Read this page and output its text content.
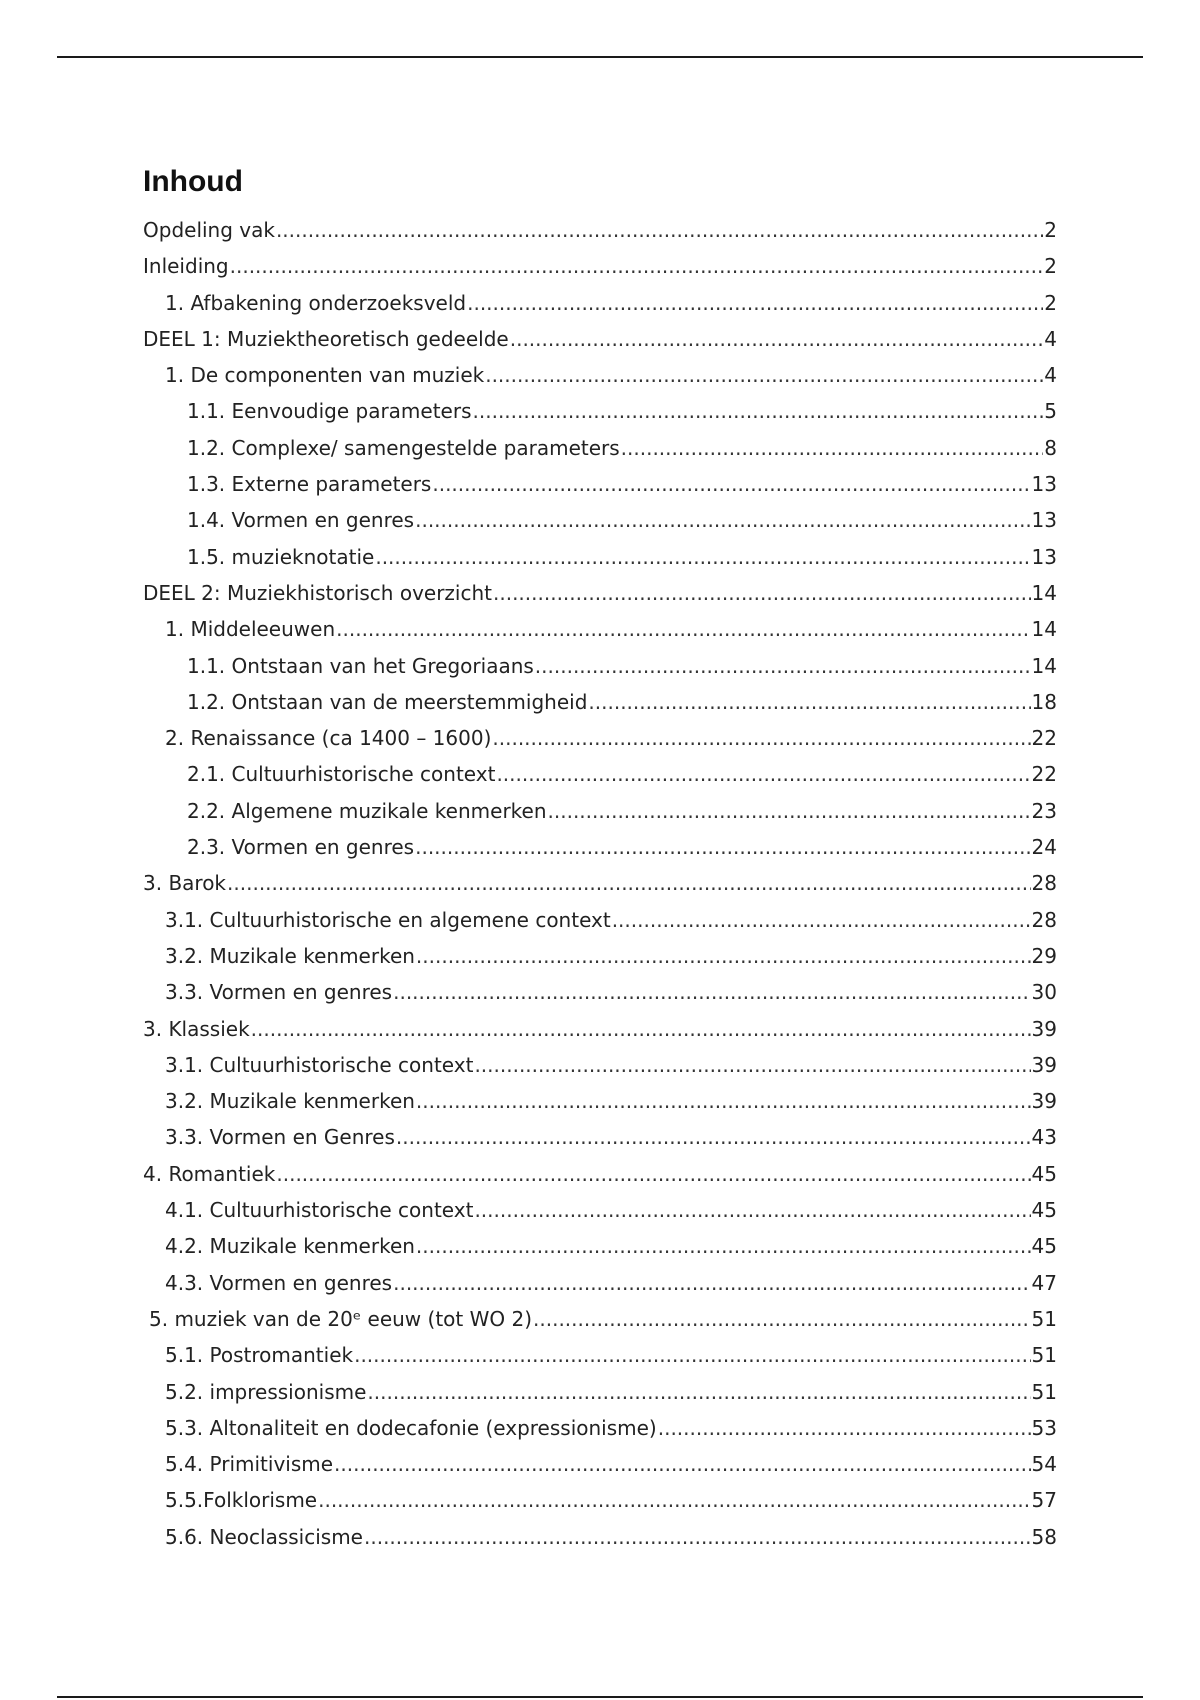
Inhoud
Opdeling vak .....	2
Inleiding .....	2
1. Afbakening onderzoeksveld .....	2
DEEL 1: Muziektheoretisch gedeelde .....	4
1. De componenten van muziek .....	4
1.1. Eenvoudige parameters .....	5
1.2. Complexe/ samengestelde parameters .....	8
1.3. Externe parameters .....	13
1.4. Vormen en genres .....	13
1.5. muzieknotatie .....	13
DEEL 2: Muziekhistorisch overzicht .....	14
1. Middeleeuwen .....	14
1.1. Ontstaan van het Gregoriaans .....	14
1.2. Ontstaan van de meerstemmigheid .....	18
2. Renaissance (ca 1400 – 1600) .....	22
2.1. Cultuurhistorische context .....	22
2.2. Algemene muzikale kenmerken .....	23
2.3. Vormen en genres .....	24
3. Barok .....	28
3.1. Cultuurhistorische en algemene context .....	28
3.2. Muzikale kenmerken .....	29
3.3. Vormen en genres .....	30
3. Klassiek .....	39
3.1. Cultuurhistorische context .....	39
3.2. Muzikale kenmerken .....	39
3.3. Vormen en Genres .....	43
4. Romantiek .....	45
4.1. Cultuurhistorische context .....	45
4.2. Muzikale kenmerken .....	45
4.3. Vormen en genres .....	47
5. muziek van de 20ᵉ eeuw (tot WO 2) .....	51
5.1. Postromantiek .....	51
5.2. impressionisme .....	51
5.3. Altonaliteit en dodecafonie (expressionisme) .....	53
5.4. Primitivisme .....	54
5.5.Folklorisme .....	57
5.6. Neoclassicisme .....	58
